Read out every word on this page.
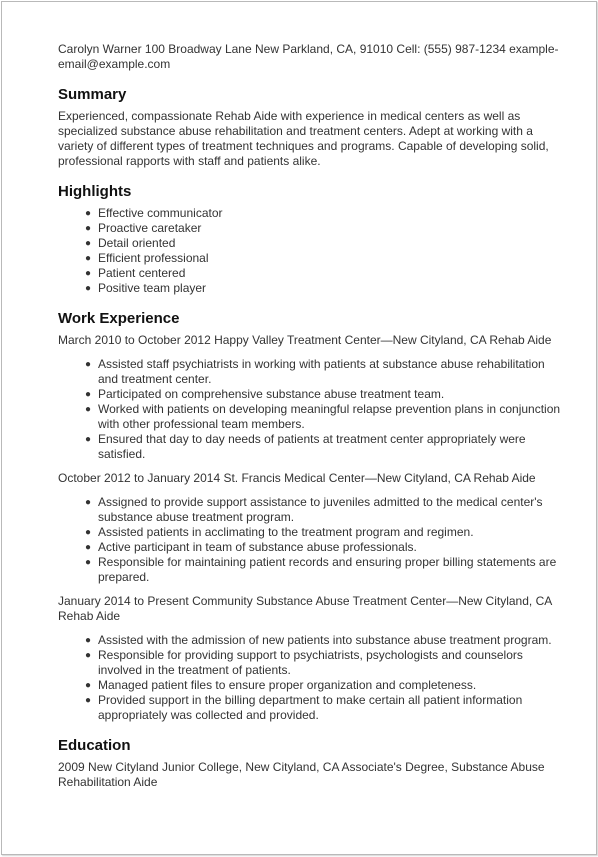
Carolyn Warner 100 Broadway Lane New Parkland, CA, 91010 Cell: (555) 987-1234 example-email@example.com

Summary

Experienced, compassionate Rehab Aide with experience in medical centers as well as specialized substance abuse rehabilitation and treatment centers. Adept at working with a variety of different types of treatment techniques and programs. Capable of developing solid, professional rapports with staff and patients alike.

Highlights
● Effective communicator
● Proactive caretaker
● Detail oriented
● Efficient professional
● Patient centered
● Positive team player
Work Experience

March 2010 to October 2012 Happy Valley Treatment Center—New Cityland, CA Rehab Aide

● Assisted staff psychiatrists in working with patients at substance abuse rehabilitation and treatment center.
● Participated on comprehensive substance abuse treatment team.
● Worked with patients on developing meaningful relapse prevention plans in conjunction with other professional team members.
● Ensured that day to day needs of patients at treatment center appropriately were satisfied.

October 2012 to January 2014 St. Francis Medical Center—New Cityland, CA Rehab Aide

● Assigned to provide support assistance to juveniles admitted to the medical center's substance abuse treatment program.
● Assisted patients in acclimating to the treatment program and regimen.
● Active participant in team of substance abuse professionals.
● Responsible for maintaining patient records and ensuring proper billing statements are prepared.

January 2014 to Present Community Substance Abuse Treatment Center—New Cityland, CA Rehab Aide

● Assisted with the admission of new patients into substance abuse treatment program.
● Responsible for providing support to psychiatrists, psychologists and counselors involved in the treatment of patients.
● Managed patient files to ensure proper organization and completeness.
● Provided support in the billing department to make certain all patient information appropriately was collected and provided.
Education

2009 New Cityland Junior College, New Cityland, CA Associate's Degree, Substance Abuse Rehabilitation Aide
